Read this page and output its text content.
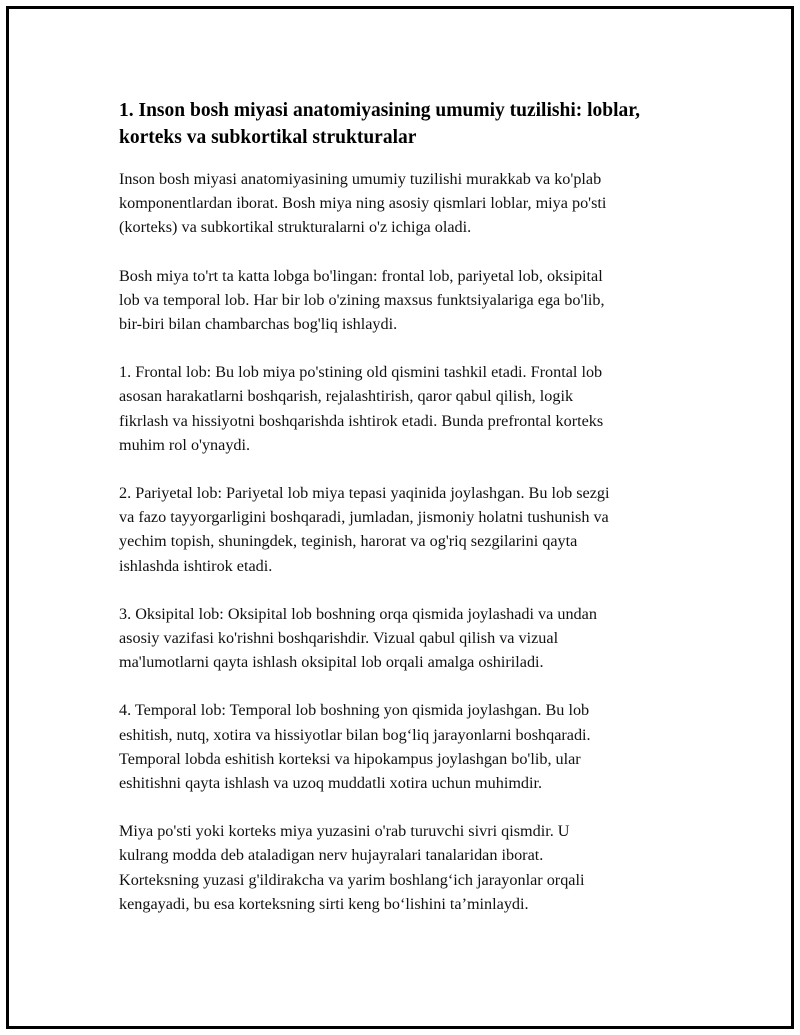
1. Inson bosh miyasi anatomiyasining umumiy tuzilishi: loblar,
korteks va subkortikal strukturalar

Inson bosh miyasi anatomiyasining umumiy tuzilishi murakkab va ko'plab
komponentlardan iborat. Bosh miya ning asosiy qismlari loblar, miya po'sti
(korteks) va subkortikal strukturalarni o'z ichiga oladi.

Bosh miya to'rt ta katta lobga bo'lingan: frontal lob, pariyetal lob, oksipital
lob va temporal lob. Har bir lob o'zining maxsus funktsiyalariga ega bo'lib,
bir-biri bilan chambarchas bog'liq ishlaydi.

1. Frontal lob: Bu lob miya po'stining old qismini tashkil etadi. Frontal lob
asosan harakatlarni boshqarish, rejalashtirish, qaror qabul qilish, logik
fikrlash va hissiyotni boshqarishda ishtirok etadi. Bunda prefrontal korteks
muhim rol o'ynaydi.

2. Pariyetal lob: Pariyetal lob miya tepasi yaqinida joylashgan. Bu lob sezgi
va fazo tayyorgarligini boshqaradi, jumladan, jismoniy holatni tushunish va
yechim topish, shuningdek, teginish, harorat va og'riq sezgilarini qayta
ishlashda ishtirok etadi.

3. Oksipital lob: Oksipital lob boshning orqa qismida joylashadi va undan
asosiy vazifasi ko'rishni boshqarishdir. Vizual qabul qilish va vizual
ma'lumotlarni qayta ishlash oksipital lob orqali amalga oshiriladi.

4. Temporal lob: Temporal lob boshning yon qismida joylashgan. Bu lob
eshitish, nutq, xotira va hissiyotlar bilan bog‘liq jarayonlarni boshqaradi.
Temporal lobda eshitish korteksi va hipokampus joylashgan bo'lib, ular
eshitishni qayta ishlash va uzoq muddatli xotira uchun muhimdir.

Miya po'sti yoki korteks miya yuzasini o'rab turuvchi sivri qismdir. U
kulrang modda deb ataladigan nerv hujayralari tanalaridan iborat.
Korteksning yuzasi g'ildirakcha va yarim boshlang‘ich jarayonlar orqali
kengayadi, bu esa korteksning sirti keng bo‘lishini ta’minlaydi.
